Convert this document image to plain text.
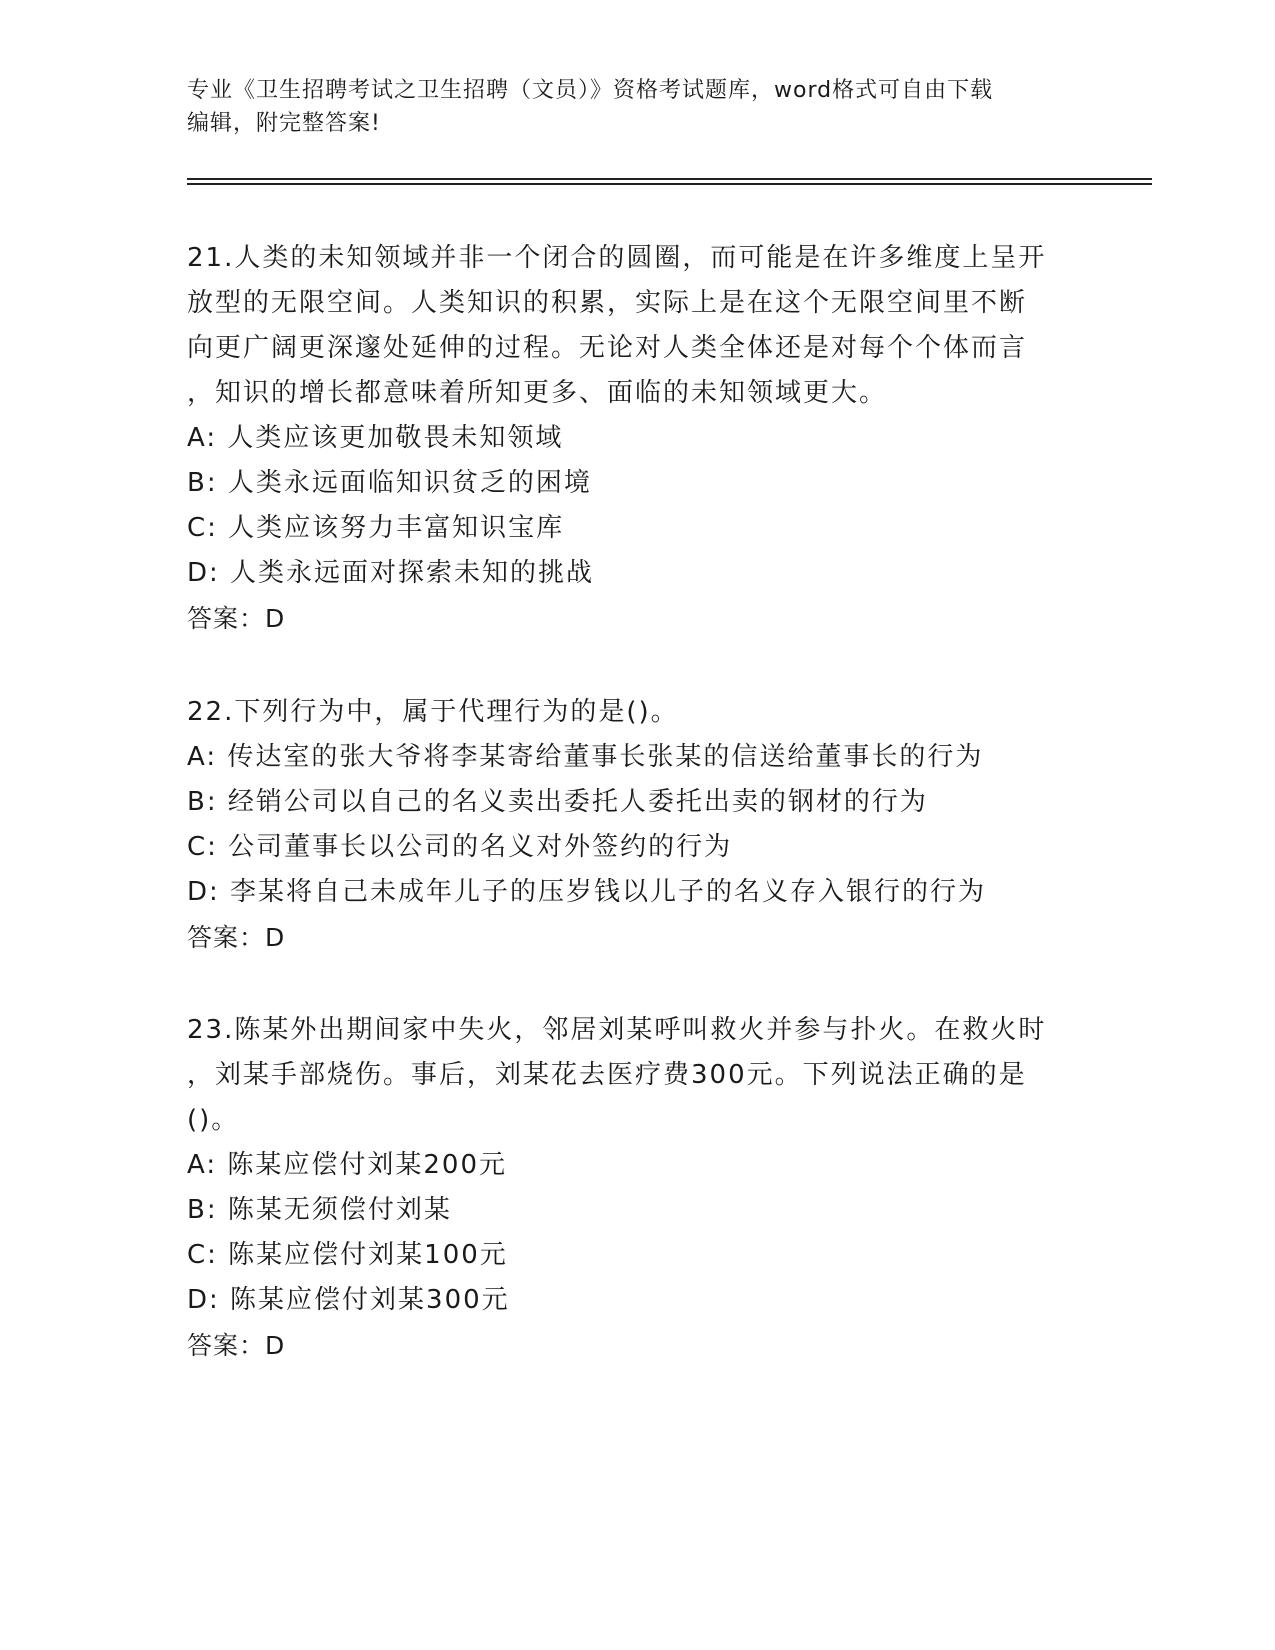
专业《卫生招聘考试之卫生招聘（文员）》资格考试题库，word格式可自由下载
编辑，附完整答案!

21.人类的未知领域并非一个闭合的圆圈，而可能是在许多维度上呈开

放型的无限空间。人类知识的积累，实际上是在这个无限空间里不断

向更广阔更深邃处延伸的过程。无论对人类全体还是对每个个体而言

，知识的增长都意味着所知更多、面临的未知领域更大。

A: 人类应该更加敬畏未知领域

B: 人类永远面临知识贫乏的困境

C: 人类应该努力丰富知识宝库

D: 人类永远面对探索未知的挑战

答案：D

22.下列行为中，属于代理行为的是()。

A: 传达室的张大爷将李某寄给董事长张某的信送给董事长的行为

B: 经销公司以自己的名义卖出委托人委托出卖的钢材的行为

C: 公司董事长以公司的名义对外签约的行为

D: 李某将自己未成年儿子的压岁钱以儿子的名义存入银行的行为

答案：D

23.陈某外出期间家中失火，邻居刘某呼叫救火并参与扑火。在救火时

，刘某手部烧伤。事后，刘某花去医疗费300元。下列说法正确的是

()。

A: 陈某应偿付刘某200元

B: 陈某无须偿付刘某

C: 陈某应偿付刘某100元

D: 陈某应偿付刘某300元

答案：D
